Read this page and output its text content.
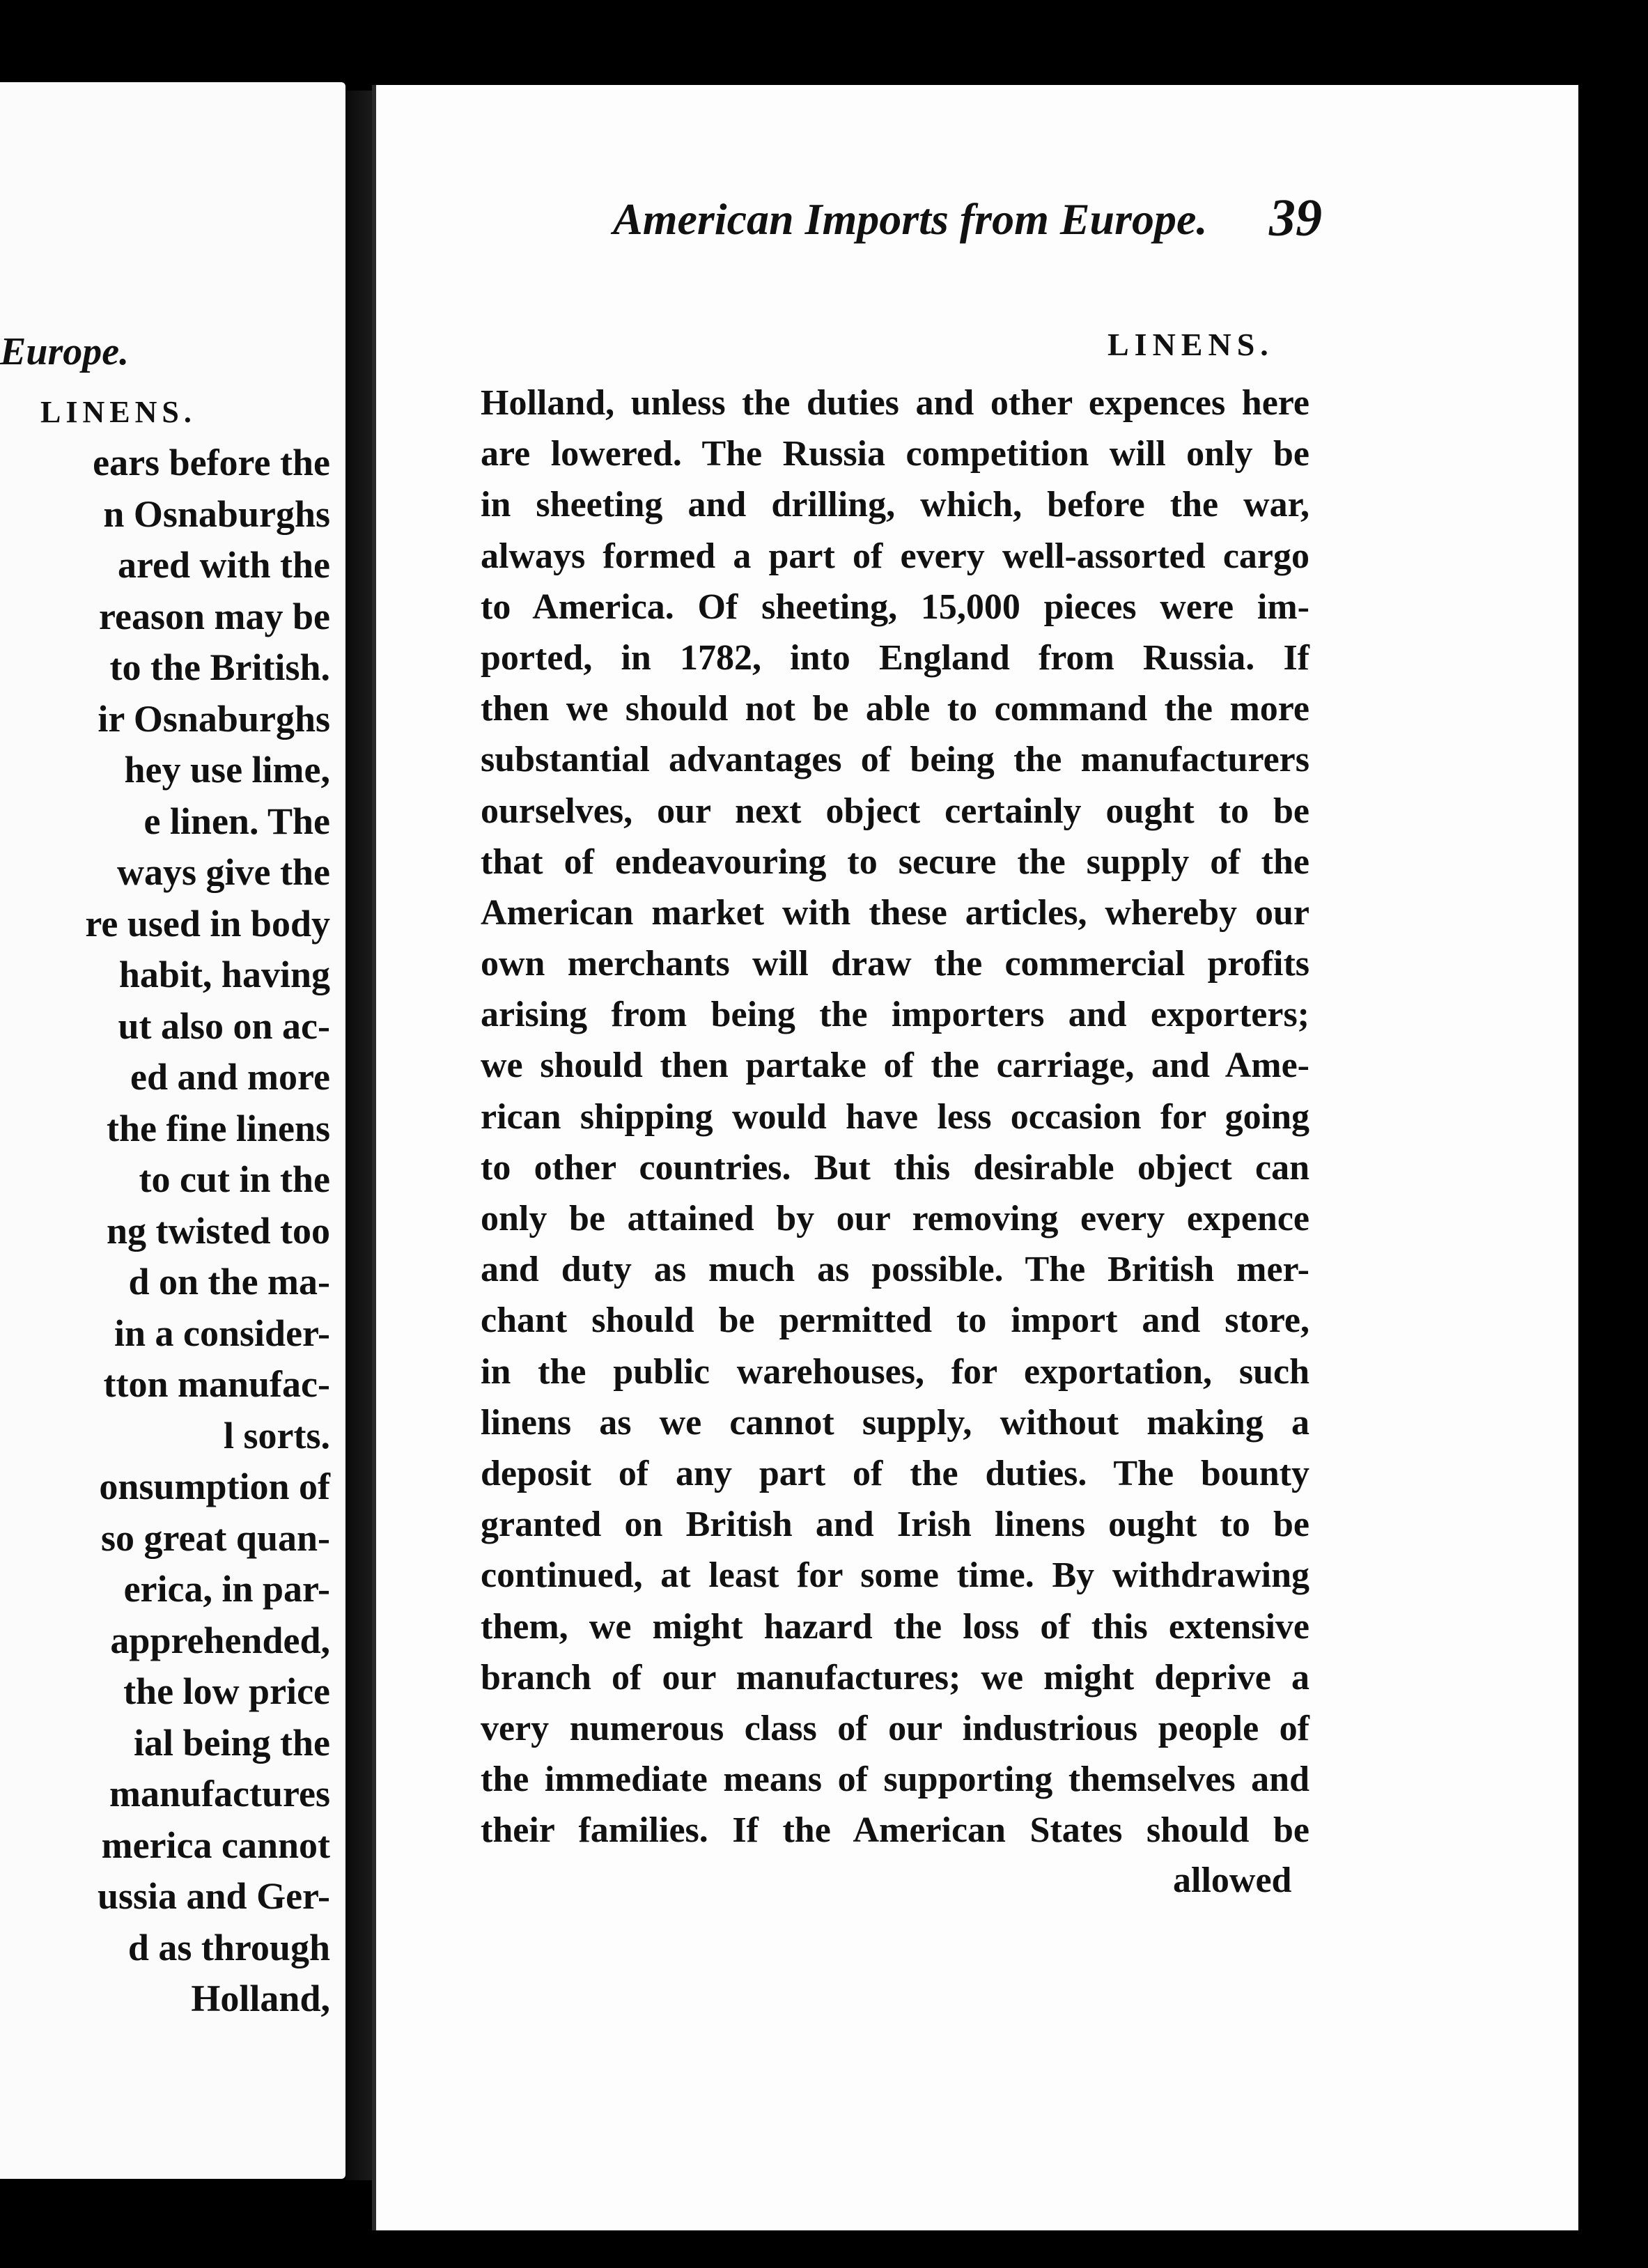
Europe.
LINENS.
ears before the
n Osnaburghs
ared with the
reason may be
to the British.
ir Osnaburghs
hey use lime,
e linen. The
ways give the
re used in body
habit, having
ut also on ac-
ed and more
the fine linens
to cut in the
ng twisted too
d on the ma-
in a consider-
tton manufac-
l sorts.
onsumption of
so great quan-
erica, in par-
apprehended,
the low price
ial being the
manufactures
merica cannot
ussia and Ger-
d as through
Holland,
American Imports from Europe. 39
LINENS.
Holland, unless the duties and other expences here
are lowered. The Russia competition will only be
in sheeting and drilling, which, before the war,
always formed a part of every well-assorted cargo
to America. Of sheeting, 15,000 pieces were im-
ported, in 1782, into England from Russia. If
then we should not be able to command the more
substantial advantages of being the manufacturers
ourselves, our next object certainly ought to be
that of endeavouring to secure the supply of the
American market with these articles, whereby our
own merchants will draw the commercial profits
arising from being the importers and exporters;
we should then partake of the carriage, and Ame-
rican shipping would have less occasion for going
to other countries. But this desirable object can
only be attained by our removing every expence
and duty as much as possible. The British mer-
chant should be permitted to import and store,
in the public warehouses, for exportation, such
linens as we cannot supply, without making a
deposit of any part of the duties. The bounty
granted on British and Irish linens ought to be
continued, at least for some time. By withdrawing
them, we might hazard the loss of this extensive
branch of our manufactures; we might deprive a
very numerous class of our industrious people of
the immediate means of supporting themselves and
their families. If the American States should be
allowed
